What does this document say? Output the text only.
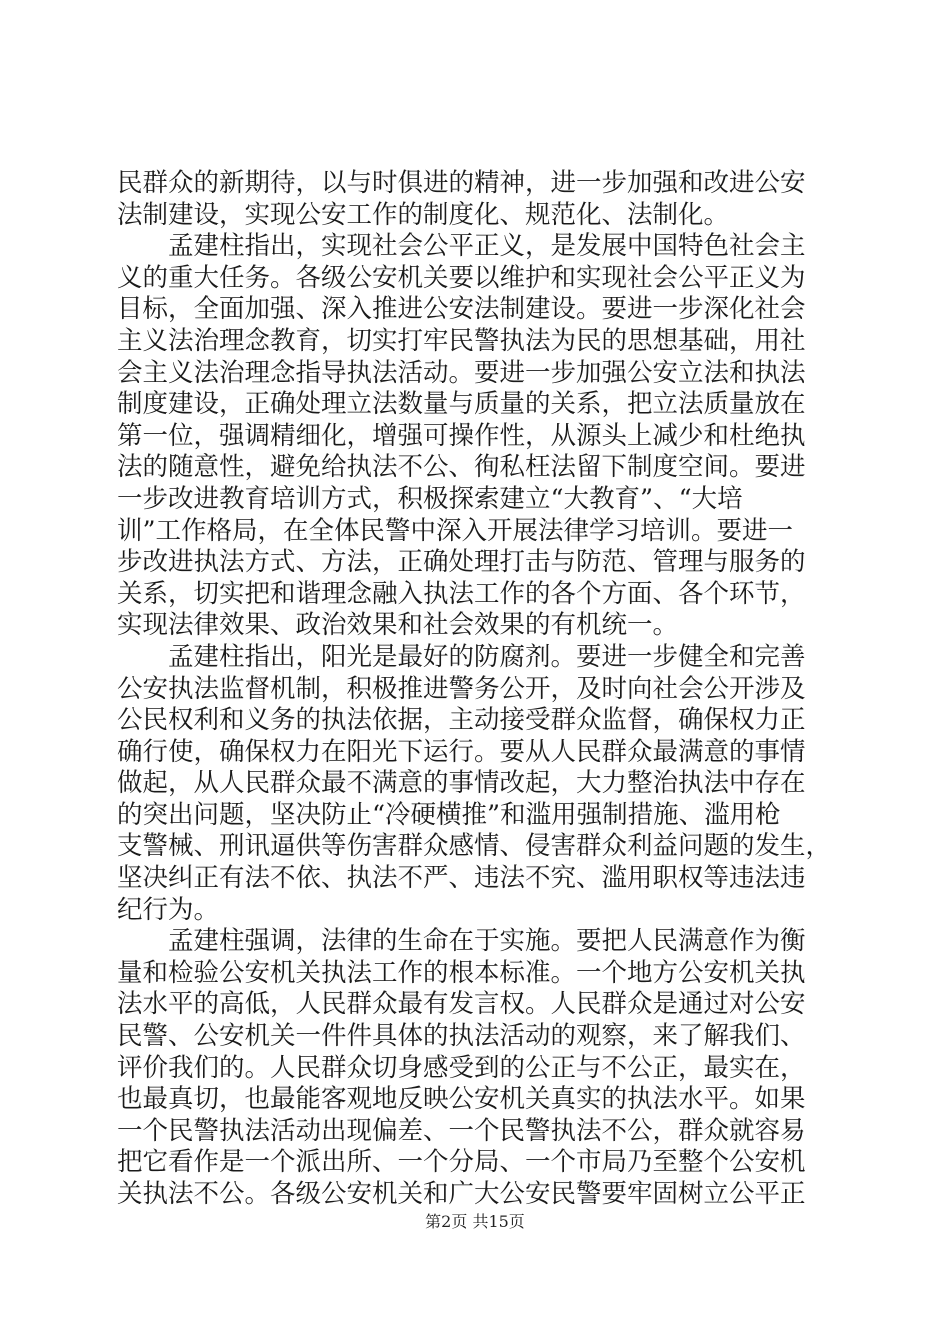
民群众的新期待，以与时俱进的精神，进一步加强和改进公安
法制建设，实现公安工作的制度化、规范化、法制化。
　　孟建柱指出，实现社会公平正义，是发展中国特色社会主
义的重大任务。各级公安机关要以维护和实现社会公平正义为
目标，全面加强、深入推进公安法制建设。要进一步深化社会
主义法治理念教育，切实打牢民警执法为民的思想基础，用社
会主义法治理念指导执法活动。要进一步加强公安立法和执法
制度建设，正确处理立法数量与质量的关系，把立法质量放在
第一位，强调精细化，增强可操作性，从源头上减少和杜绝执
法的随意性，避免给执法不公、徇私枉法留下制度空间。要进
一步改进教育培训方式，积极探索建立“大教育”、“大培
训”工作格局，在全体民警中深入开展法律学习培训。要进一
步改进执法方式、方法，正确处理打击与防范、管理与服务的
关系，切实把和谐理念融入执法工作的各个方面、各个环节，
实现法律效果、政治效果和社会效果的有机统一。
　　孟建柱指出，阳光是最好的防腐剂。要进一步健全和完善
公安执法监督机制，积极推进警务公开，及时向社会公开涉及
公民权利和义务的执法依据，主动接受群众监督，确保权力正
确行使，确保权力在阳光下运行。要从人民群众最满意的事情
做起，从人民群众最不满意的事情改起，大力整治执法中存在
的突出问题，坚决防止“冷硬横推”和滥用强制措施、滥用枪
支警械、刑讯逼供等伤害群众感情、侵害群众利益问题的发生，
坚决纠正有法不依、执法不严、违法不究、滥用职权等违法违
纪行为。
　　孟建柱强调，法律的生命在于实施。要把人民满意作为衡
量和检验公安机关执法工作的根本标准。一个地方公安机关执
法水平的高低，人民群众最有发言权。人民群众是通过对公安
民警、公安机关一件件具体的执法活动的观察，来了解我们、
评价我们的。人民群众切身感受到的公正与不公正，最实在，
也最真切，也最能客观地反映公安机关真实的执法水平。如果
一个民警执法活动出现偏差、一个民警执法不公，群众就容易
把它看作是一个派出所、一个分局、一个市局乃至整个公安机
关执法不公。各级公安机关和广大公安民警要牢固树立公平正
第2页 共15页
